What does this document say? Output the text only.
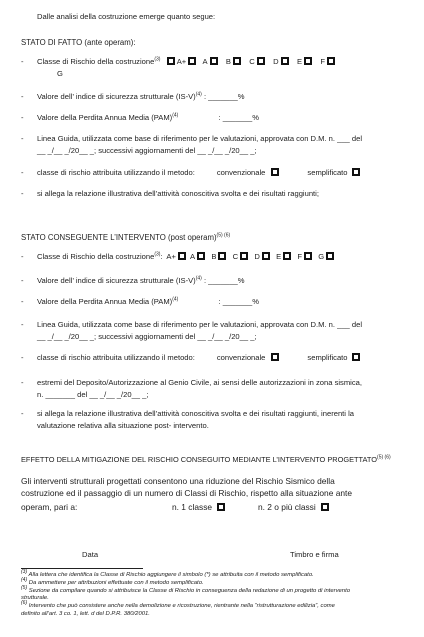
Dalle analisi della costruzione emerge quanto segue:
STATO DI FATTO (ante operam):
- Classe di Rischio della costruzione$^{(3)}$ A+ A B C D E F
G
- Valore dell’ indice di sicurezza strutturale $(IS-V)^{(4)}$ : _______%
- Valore della Perdita Annua Media (PAM)$^{(4)}$	: _______%
- Linea Guida, utilizzata come base di riferimento per le valutazioni, approvata con D.M. n. ___ del
__ _/__ _/20__ _; successivi aggiornamenti del __ _/__ _/20__ _;
- classe di rischio attribuita utilizzando il metodo:	convenzionale	semplificato
- si allega la relazione illustrativa dell’attività conoscitiva svolta e dei risultati raggiunti;
STATO CONSEGUENTE L’INTERVENTO (post operam)$^{(5) (6)}$
- Classe di Rischio della costruzione$^{(3)}$:  A+ A B C D E F G
- Valore dell’ indice di sicurezza strutturale $(IS-V)^{(4)}$ : _______%
- Valore della Perdita Annua Media (PAM)$^{(4)}$	: _______%
- Linea Guida, utilizzata come base di riferimento per le valutazioni, approvata con D.M. n. ___ del
__ _/__ _/20__ _; successivi aggiornamenti del __ _/__ _/20__ _;
- classe di rischio attribuita utilizzando il metodo:	convenzionale	semplificato
- estremi del Deposito/Autorizzazione al Genio Civile, ai sensi delle autorizzazioni in zona sismica,
n. _______ del __ _/__ _/20__ _;
- si allega la relazione illustrativa dell’attività conoscitiva svolta e dei risultati raggiunti, inerenti la
valutazione relativa alla situazione post- intervento.
EFFETTO DELLA MITIGAZIONE DEL RISCHIO CONSEGUITO MEDIANTE L’INTERVENTO $PROGETTATO^{(5) (6)}$
Gli interventi strutturali progettati consentono una riduzione del Rischio Sismico della
costruzione ed il passaggio di un numero di Classi di Rischio, rispetto alla situazione ante
operam, pari a:	n. 1 classe	n. 2 o più classi
Data	Timbro e firma
$^{(3)}$ Alla lettera che identifica la Classe di Rischio aggiungere il simbolo (*) se attribuita con il metodo semplificato.
$^{(4)}$ Da ammettere per attribuzioni effettuate con il metodo semplificato.
$^{(5)}$ Sezione da compilare quando si attribuisce la Classe di Rischio in conseguenza della redazione di un progetto di intervento
strutturale.
$^{(6)}$ Intervento che può consistere anche nella demolizione e ricostruzione, rientrante nella “ristrutturazione edilizia”, come
definito all’art. 3 co. 1, lett. d del D.P.R. 380/2001.
